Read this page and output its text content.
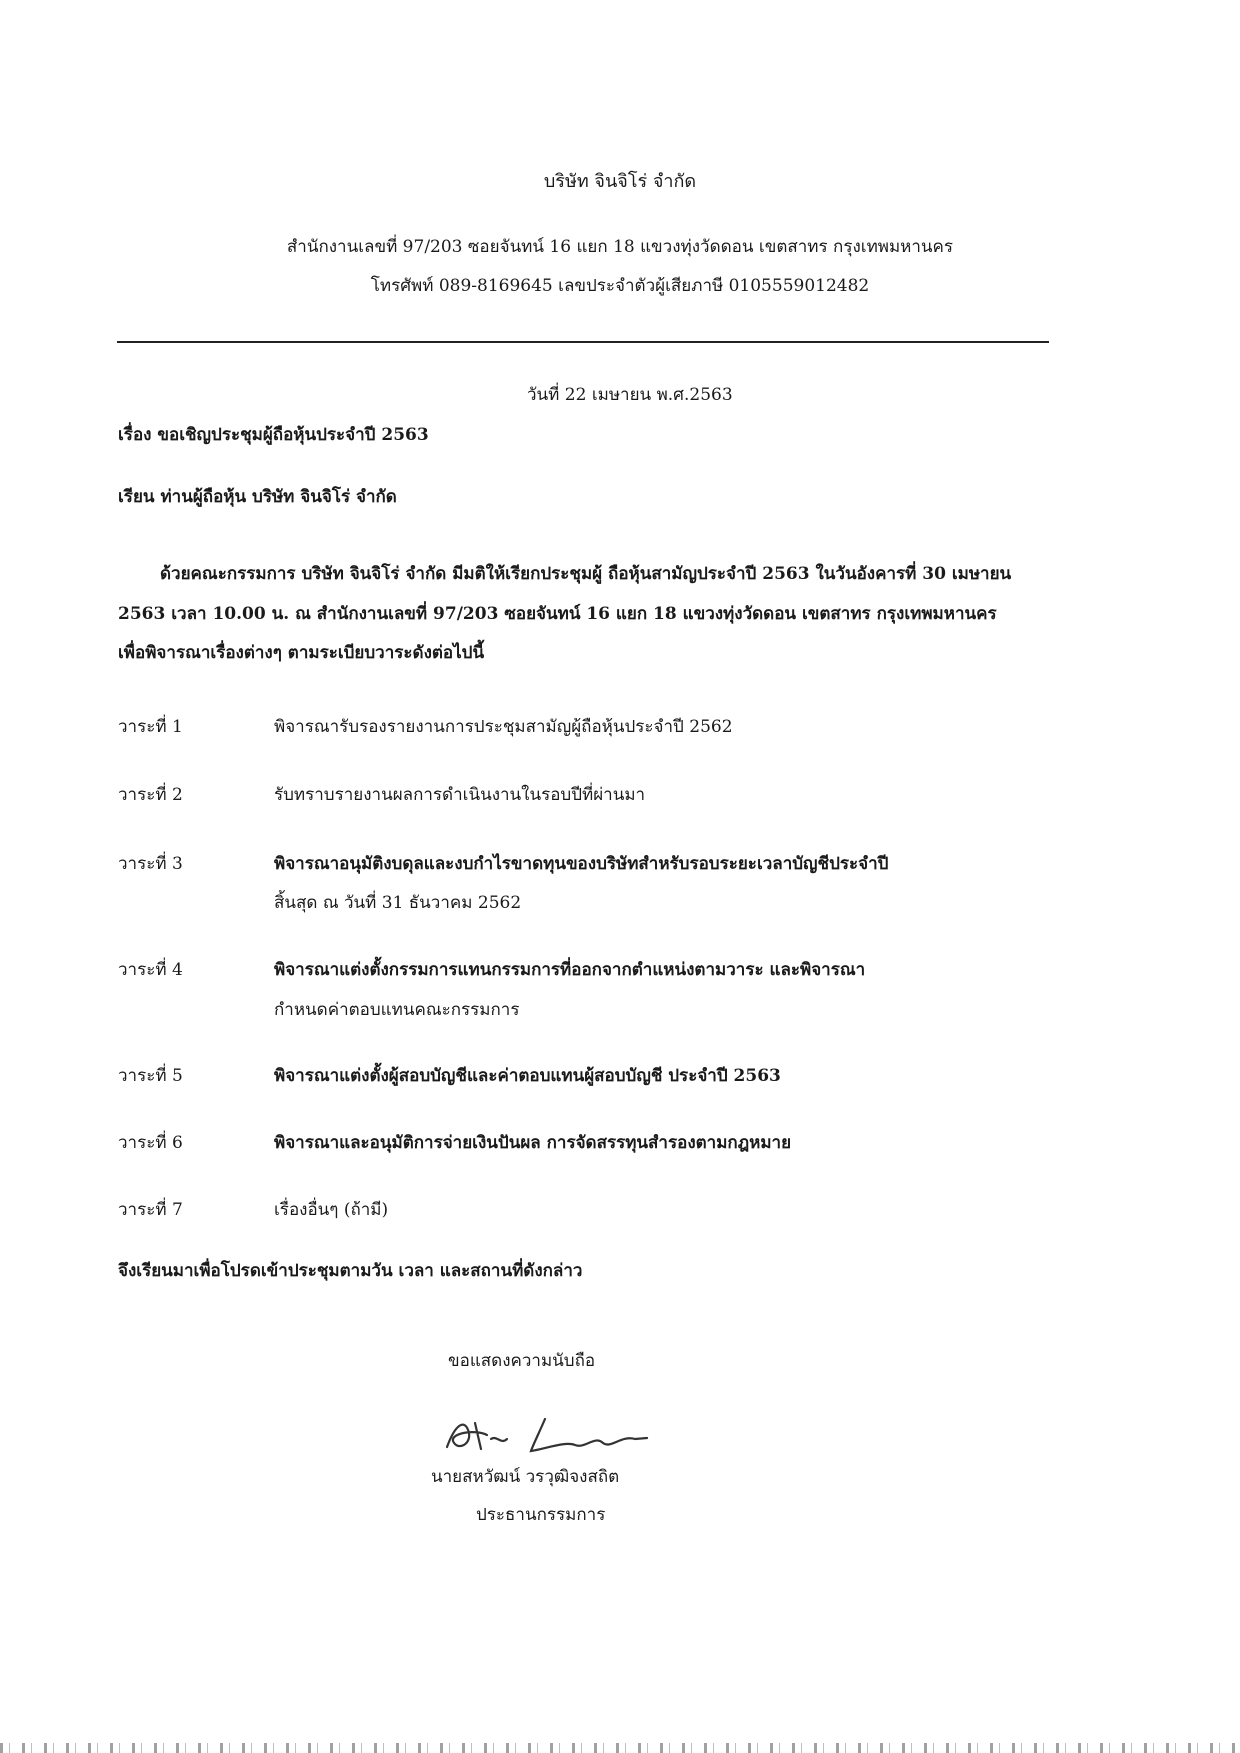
บริษัท จินจิโร่ จำกัด
สำนักงานเลขที่ 97/203 ซอยจันทน์ 16 แยก 18 แขวงทุ่งวัดดอน เขตสาทร กรุงเทพมหานคร
โทรศัพท์ 089-8169645 เลขประจำตัวผู้เสียภาษี 0105559012482
วันที่ 22 เมษายน พ.ศ.2563
เรื่อง ขอเชิญประชุมผู้ถือหุ้นประจำปี 2563
เรียน ท่านผู้ถือหุ้น บริษัท จินจิโร่ จำกัด
ด้วยคณะกรรมการ บริษัท จินจิโร่ จำกัด มีมติให้เรียกประชุมผู้ ถือหุ้นสามัญประจำปี 2563 ในวันอังคารที่ 30 เมษายน
2563 เวลา 10.00 น. ณ สำนักงานเลขที่ 97/203 ซอยจันทน์ 16 แยก 18 แขวงทุ่งวัดดอน เขตสาทร กรุงเทพมหานคร
เพื่อพิจารณาเรื่องต่างๆ ตามระเบียบวาระดังต่อไปนี้
วาระที่ 1	พิจารณารับรองรายงานการประชุมสามัญผู้ถือหุ้นประจำปี 2562
วาระที่ 2	รับทราบรายงานผลการดำเนินงานในรอบปีที่ผ่านมา
วาระที่ 3	พิจารณาอนุมัติงบดุลและงบกำไรขาดทุนของบริษัทสำหรับรอบระยะเวลาบัญชีประจำปี
สิ้นสุด ณ วันที่ 31 ธันวาคม 2562
วาระที่ 4	พิจารณาแต่งตั้งกรรมการแทนกรรมการที่ออกจากตำแหน่งตามวาระ และพิจารณา
กำหนดค่าตอบแทนคณะกรรมการ
วาระที่ 5	พิจารณาแต่งตั้งผู้สอบบัญชีและค่าตอบแทนผู้สอบบัญชี ประจำปี 2563
วาระที่ 6	พิจารณาและอนุมัติการจ่ายเงินปันผล การจัดสรรทุนสำรองตามกฎหมาย
วาระที่ 7	เรื่องอื่นๆ (ถ้ามี)
จึงเรียนมาเพื่อโปรดเข้าประชุมตามวัน เวลา และสถานที่ดังกล่าว
ขอแสดงความนับถือ
นายสหวัฒน์ วรวุฒิจงสถิต
ประธานกรรมการ
